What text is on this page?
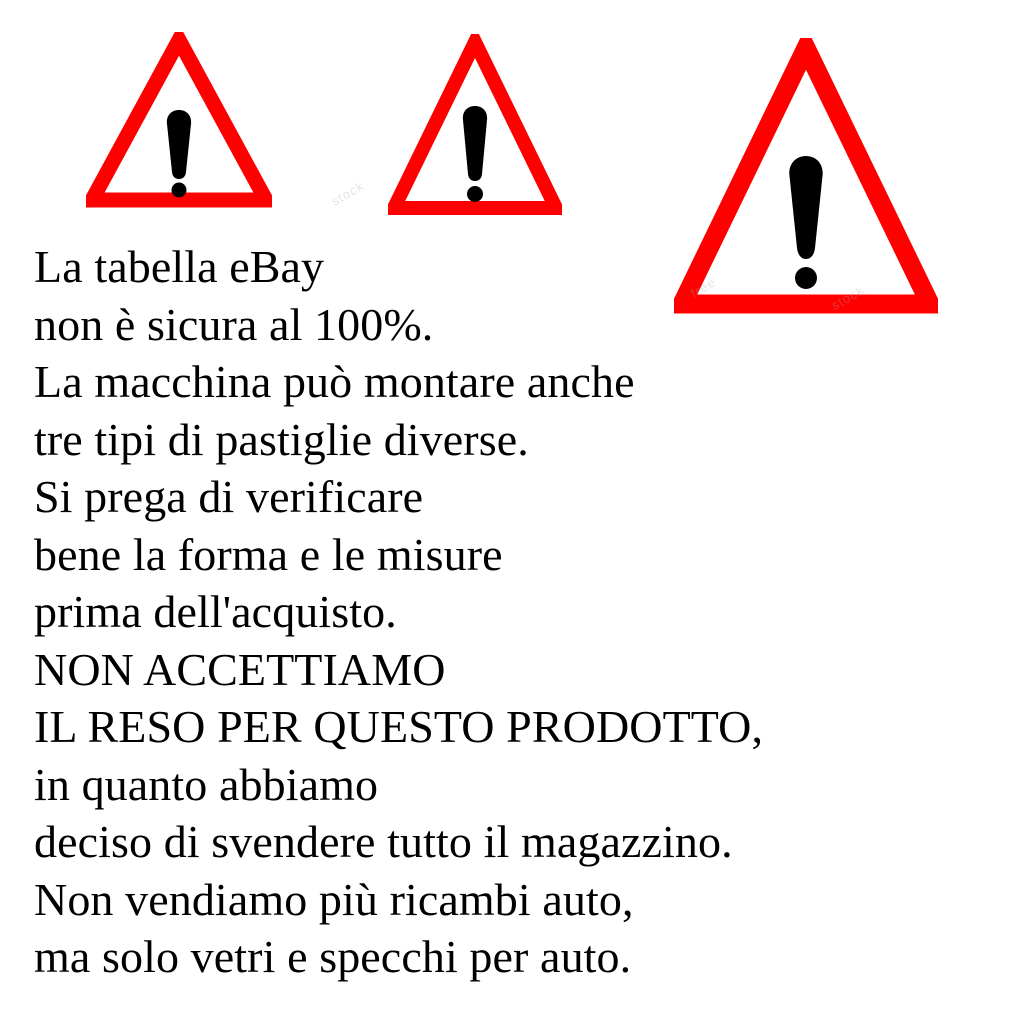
stock
free	stock
La tabella eBay
non è sicura al 100%.
La macchina può montare anche
tre tipi di pastiglie diverse.
Si prega di verificare
bene la forma e le misure
prima dell'acquisto.
NON ACCETTIAMO
IL RESO PER QUESTO PRODOTTO,
in quanto abbiamo
deciso di svendere tutto il magazzino.
Non vendiamo più ricambi auto,
ma solo vetri e specchi per auto.
